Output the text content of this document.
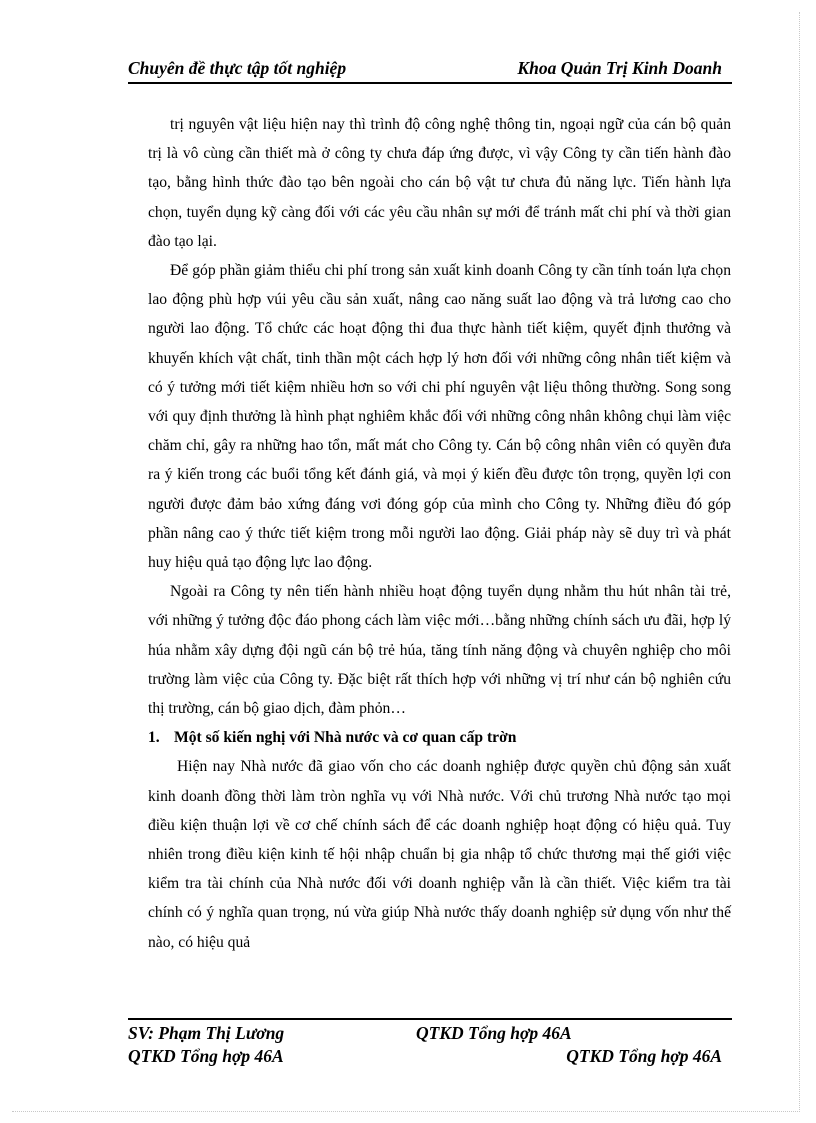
Chuyên đề thực tập tốt nghiệp	Khoa Quản Trị Kinh Doanh

trị nguyên vật liệu hiện nay thì trình độ công nghệ thông tin, ngoại ngữ của cán bộ quản trị là vô cùng cần thiết mà ở công ty chưa đáp ứng được, vì vậy Công ty cần tiến hành đào tạo, bằng hình thức đào tạo bên ngoài cho cán bộ vật tư chưa đủ năng lực. Tiến hành lựa chọn, tuyển dụng kỹ càng đối với các yêu cầu nhân sự mới để tránh mất chi phí và thời gian đào tạo lại.

Để góp phần giảm thiểu chi phí trong sản xuất kinh doanh Công ty cần tính toán lựa chọn lao động phù hợp vúi yêu cầu sản xuất, nâng cao năng suất lao động và trả lương cao cho người lao động. Tổ chức các hoạt động thi đua thực hành tiết kiệm, quyết định thưởng và khuyến khích vật chất, tinh thần một cách hợp lý hơn đối với những công nhân tiết kiệm và có ý tưởng mới tiết kiệm nhiều hơn so với chi phí nguyên vật liệu thông thường. Song song với quy định thưởng là hình phạt nghiêm khắc đối với những công nhân không chụi làm việc chăm chỉ, gây ra những hao tổn, mất mát cho Công ty. Cán bộ công nhân viên có quyền đưa ra ý kiến trong các buổi tổng kết đánh giá, và mọi ý kiến đều được tôn trọng, quyền lợi con người được đảm bảo xứng đáng vơi đóng góp của mình cho Công ty. Những điều đó góp phần nâng cao ý thức tiết kiệm trong mỗi người lao động. Giải pháp này sẽ duy trì và phát huy hiệu quả tạo động lực lao động.

Ngoài ra Công ty nên tiến hành nhiều hoạt động tuyển dụng nhằm thu hút nhân tài trẻ, với những ý tưởng độc đáo phong cách làm việc mới…bằng những chính sách ưu đãi, hợp lý húa nhằm xây dựng đội ngũ cán bộ trẻ húa, tăng tính năng động và chuyên nghiệp cho môi trường làm việc của Công ty. Đặc biệt rất thích hợp với những vị trí như cán bộ nghiên cứu thị trường, cán bộ giao dịch, đàm phỏn…

1. Một số kiến nghị với Nhà nước và cơ quan cấp trờn

Hiện nay Nhà nước đã giao vốn cho các doanh nghiệp được quyền chủ động sản xuất kinh doanh đồng thời làm tròn nghĩa vụ với Nhà nước. Với chủ trương Nhà nước tạo mọi điều kiện thuận lợi về cơ chế chính sách để các doanh nghiệp hoạt động có hiệu quả. Tuy nhiên trong điều kiện kinh tế hội nhập chuẩn bị gia nhập tổ chức thương mại thế giới việc kiểm tra tài chính của Nhà nước đối với doanh nghiệp vẫn là cần thiết. Việc kiểm tra tài chính có ý nghĩa quan trọng, nú vừa giúp Nhà nước thấy doanh nghiệp sử dụng vốn như thế nào, có hiệu quả

SV: Phạm Thị Lương	QTKD Tổng hợp 46A
QTKD Tổng hợp 46A	QTKD Tổng hợp 46A
